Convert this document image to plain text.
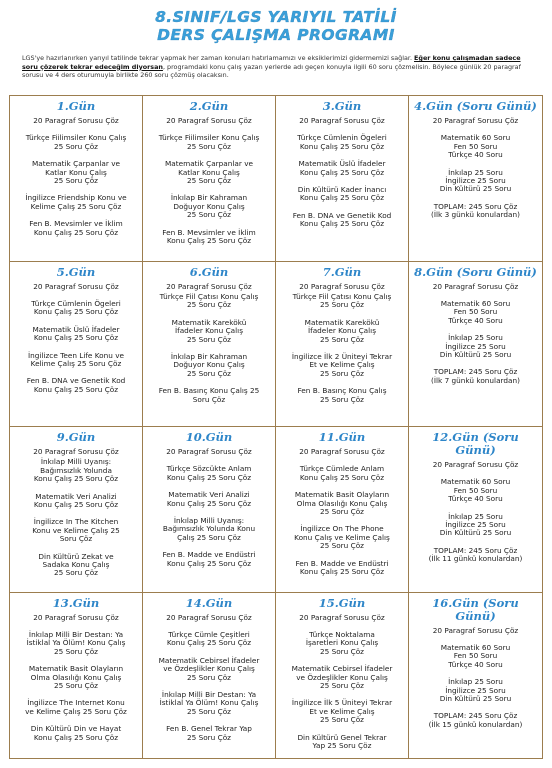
8.SINIF/LGS YARIYIL TATİLİ
DERS ÇALIŞMA PROGRAMI
LGS'ye hazırlanırken yarıyıl tatilinde tekrar yapmak her zaman konuları hatırlamamızı ve eksiklerimizi gidermemizi sağlar. Eğer konu çalışmadan sadece soru çözerek tekrar edeceğim diyorsan, programdaki konu çalış yazan yerlerde adı geçen konuyla ilgili 60 soru çözmelisin. Böylece günlük 20 paragraf sorusu ve 4 ders oturumuyla birlikte 260 soru çözmüş olacaksın.
1.Gün
20 Paragraf Sorusu Çöz
Türkçe Fiilimsiler Konu Çalış
25 Soru Çöz
Matematik Çarpanlar ve
Katlar Konu Çalış
25 Soru Çöz
İngilizce Friendship Konu ve
Kelime Çalış 25 Soru Çöz
Fen B. Mevsimler ve İklim
Konu Çalış 25 Soru Çöz
2.Gün
20 Paragraf Sorusu Çöz
Türkçe Fiilimsiler Konu Çalış
25 Soru Çöz
Matematik Çarpanlar ve
Katlar Konu Çalış
25 Soru Çöz
İnkılap Bir Kahraman
Doğuyor Konu Çalış
25 Soru Çöz
Fen B. Mevsimler ve İklim
Konu Çalış 25 Soru Çöz
3.Gün
20 Paragraf Sorusu Çöz
Türkçe Cümlenin Ögeleri
Konu Çalış 25 Soru Çöz
Matematik Üslü İfadeler
Konu Çalış 25 Soru Çöz
Din Kültürü Kader İnancı
Konu Çalış 25 Soru Çöz
Fen B. DNA ve Genetik Kod
Konu Çalış 25 Soru Çöz
4.Gün (Soru Günü)
20 Paragraf Sorusu Çöz
Matematik 60 Soru
Fen 50 Soru
Türkçe 40 Soru
İnkılap 25 Soru
İngilizce 25 Soru
Din Kültürü 25 Soru
TOPLAM: 245 Soru Çöz
(İlk 3 günkü konulardan)
5.Gün
20 Paragraf Sorusu Çöz
Türkçe Cümlenin Ögeleri
Konu Çalış 25 Soru Çöz
Matematik Üslü İfadeler
Konu Çalış 25 Soru Çöz
İngilizce Teen Life Konu ve
Kelime Çalış 25 Soru Çöz
Fen B. DNA ve Genetik Kod
Konu Çalış 25 Soru Çöz
6.Gün
20 Paragraf Sorusu Çöz
Türkçe Fiil Çatısı Konu Çalış
25 Soru Çöz
Matematik Karekökü
İfadeler Konu Çalış
25 Soru Çöz
İnkılap Bir Kahraman
Doğuyor Konu Çalış
25 Soru Çöz
Fen B. Basınç Konu Çalış 25
Soru Çöz
7.Gün
20 Paragraf Sorusu Çöz
Türkçe Fiil Çatısı Konu Çalış
25 Soru Çöz
Matematik Karekökü
İfadeler Konu Çalış
25 Soru Çöz
İngilizce İlk 2 Üniteyi Tekrar
Et ve Kelime Çalış
25 Soru Çöz
Fen B. Basınç Konu Çalış
25 Soru Çöz
8.Gün (Soru Günü)
20 Paragraf Sorusu Çöz
Matematik 60 Soru
Fen 50 Soru
Türkçe 40 Soru
İnkılap 25 Soru
İngilizce 25 Soru
Din Kültürü 25 Soru
TOPLAM: 245 Soru Çöz
(İlk 7 günkü konulardan)
9.Gün
20 Paragraf Sorusu Çöz
İnkılap Milli Uyanış:
Bağımsızlık Yolunda
Konu Çalış 25 Soru Çöz
Matematik Veri Analizi
Konu Çalış 25 Soru Çöz
İngilizce In The Kitchen
Konu ve Kelime Çalış 25
Soru Çöz
Din Kültürü Zekat ve
Sadaka Konu Çalış
25 Soru Çöz
10.Gün
20 Paragraf Sorusu Çöz
Türkçe Sözcükte Anlam
Konu Çalış 25 Soru Çöz
Matematik Veri Analizi
Konu Çalış 25 Soru Çöz
İnkılap Milli Uyanış:
Bağımsızlık Yolunda Konu
Çalış 25 Soru Çöz
Fen B. Madde ve Endüstri
Konu Çalış 25 Soru Çöz
11.Gün
20 Paragraf Sorusu Çöz
Türkçe Cümlede Anlam
Konu Çalış 25 Soru Çöz
Matematik Basit Olayların
Olma Olasılığı Konu Çalış
25 Soru Çöz
İngilizce On The Phone
Konu Çalış ve Kelime Çalış
25 Soru Çöz
Fen B. Madde ve Endüstri
Konu Çalış 25 Soru Çöz
12.Gün (Soru Günü)
20 Paragraf Sorusu Çöz
Matematik 60 Soru
Fen 50 Soru
Türkçe 40 Soru
İnkılap 25 Soru
İngilizce 25 Soru
Din Kültürü 25 Soru
TOPLAM: 245 Soru Çöz
(İlk 11 günkü konulardan)
13.Gün
20 Paragraf Sorusu Çöz
İnkılap Milli Bir Destan: Ya
İstiklal Ya Ölüm! Konu Çalış
25 Soru Çöz
Matematik Basit Olayların
Olma Olasılığı Konu Çalış
25 Soru Çöz
İngilizce The Internet Konu
ve Kelime Çalış 25 Soru Çöz
Din Kültürü Din ve Hayat
Konu Çalış 25 Soru Çöz
14.Gün
20 Paragraf Sorusu Çöz
Türkçe Cümle Çeşitleri
Konu Çalış 25 Soru Çöz
Matematik Cebirsel İfadeler
ve Özdeşlikler Konu Çalış
25 Soru Çöz
İnkılap Milli Bir Destan: Ya
İstiklal Ya Ölüm! Konu Çalış
25 Soru Çöz
Fen B. Genel Tekrar Yap
25 Soru Çöz
15.Gün
20 Paragraf Sorusu Çöz
Türkçe Noktalama
İşaretleri Konu Çalış
25 Soru Çöz
Matematik Cebirsel İfadeler
ve Özdeşlikler Konu Çalış
25 Soru Çöz
İngilizce İlk 5 Üniteyi Tekrar
Et ve Kelime Çalış
25 Soru Çöz
Din Kültürü Genel Tekrar
Yap 25 Soru Çöz
16.Gün (Soru Günü)
20 Paragraf Sorusu Çöz
Matematik 60 Soru
Fen 50 Soru
Türkçe 40 Soru
İnkılap 25 Soru
İngilizce 25 Soru
Din Kültürü 25 Soru
TOPLAM: 245 Soru Çöz
(İlk 15 günkü konulardan)
